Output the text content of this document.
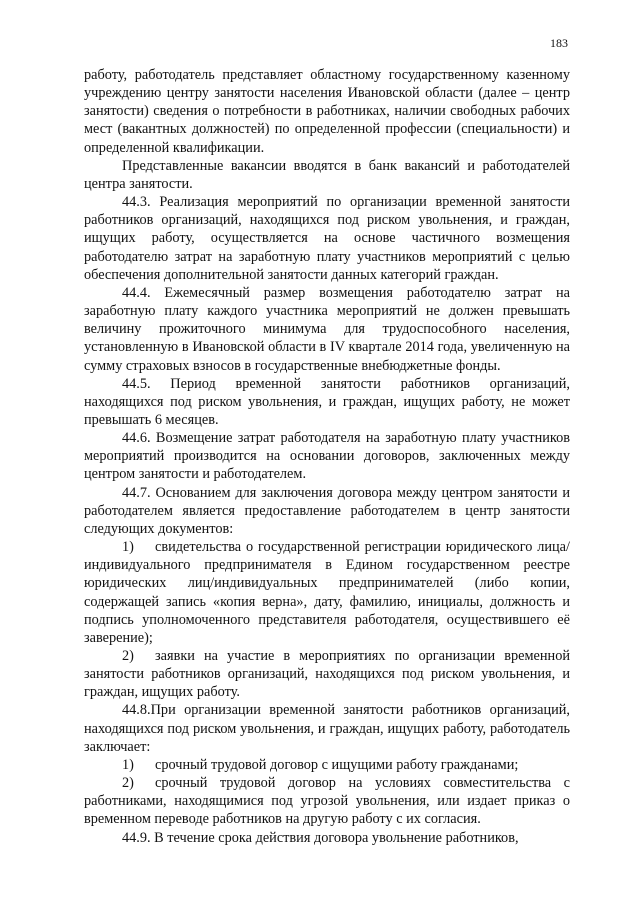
183

работу, работодатель представляет областному государственному казенному учреждению центру занятости населения Ивановской области (далее – центр занятости) сведения о потребности в работниках, наличии свободных рабочих мест (вакантных должностей) по определенной профессии (специальности) и определенной квалификации.

Представленные вакансии вводятся в банк вакансий и работодателей центра занятости.

44.3. Реализация мероприятий по организации временной занятости работников организаций, находящихся под риском увольнения, и граждан, ищущих работу, осуществляется на основе частичного возмещения работодателю затрат на заработную плату участников мероприятий с целью обеспечения дополнительной занятости данных категорий граждан.

44.4. Ежемесячный размер возмещения работодателю затрат на заработную плату каждого участника мероприятий не должен превышать величину прожиточного минимума для трудоспособного населения, установленную в Ивановской области в IV квартале 2014 года, увеличенную на сумму страховых взносов в государственные внебюджетные фонды.

44.5. Период временной занятости работников организаций, находящихся под риском увольнения, и граждан, ищущих работу, не может превышать 6 месяцев.

44.6. Возмещение затрат работодателя на заработную плату участников мероприятий производится на основании договоров, заключенных между центром занятости и работодателем.

44.7. Основанием для заключения договора между центром занятости и работодателем является предоставление работодателем в центр занятости следующих документов:

1) свидетельства о государственной регистрации юридического лица/индивидуального предпринимателя в Едином государственном реестре юридических лиц/индивидуальных предпринимателей (либо копии, содержащей запись «копия верна», дату, фамилию, инициалы, должность и подпись уполномоченного представителя работодателя, осуществившего её заверение);

2) заявки на участие в мероприятиях по организации временной занятости работников организаций, находящихся под риском увольнения, и граждан, ищущих работу.

44.8.При организации временной занятости работников организаций, находящихся под риском увольнения, и граждан, ищущих работу, работодатель заключает:

1) срочный трудовой договор с ищущими работу гражданами;

2) срочный трудовой договор на условиях совместительства с работниками, находящимися под угрозой увольнения, или издает приказ о временном переводе работников на другую работу с их согласия.

44.9. В течение срока действия договора увольнение работников,
